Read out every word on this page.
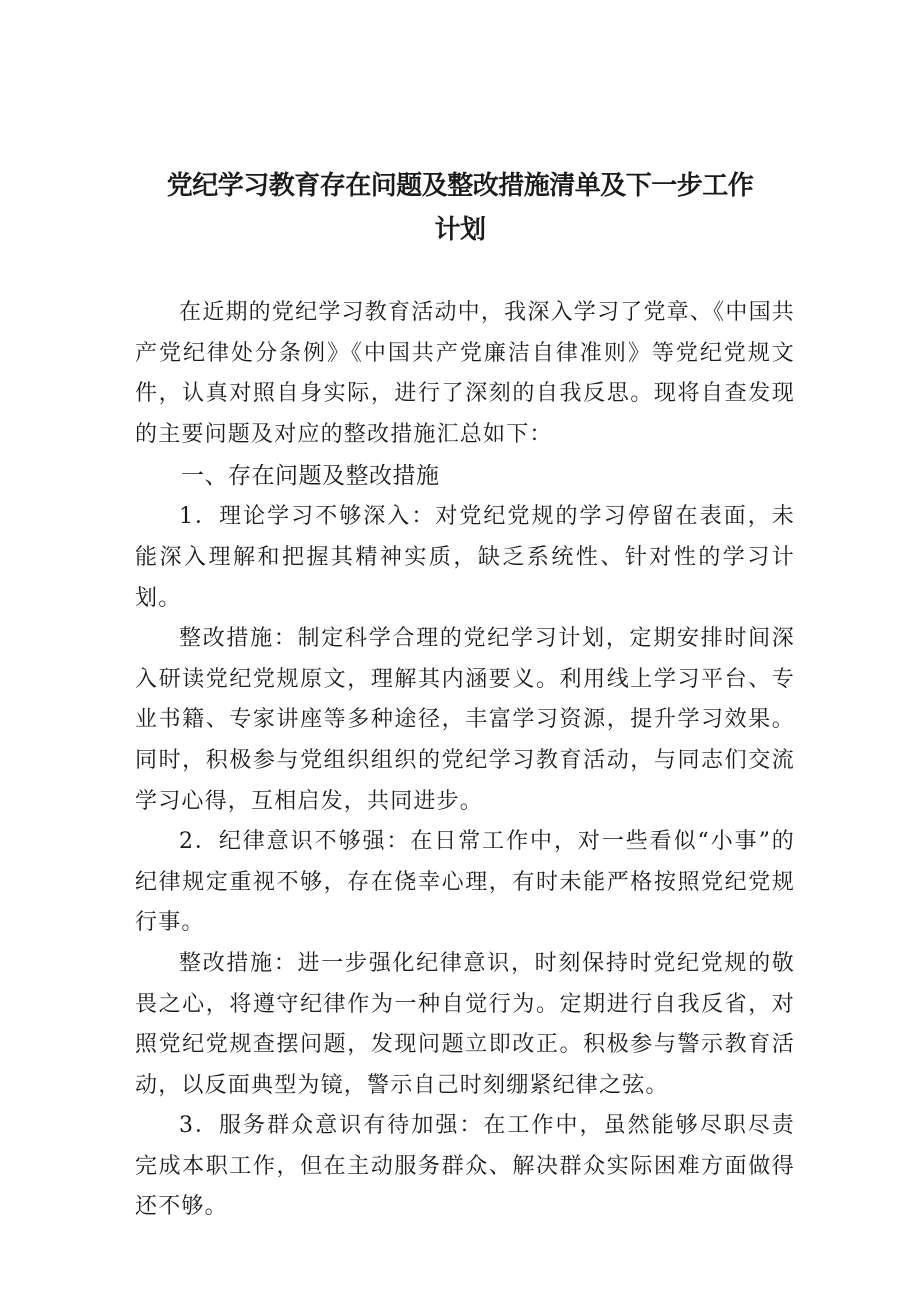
党纪学习教育存在问题及整改措施清单及下一步工作
计划

在近期的党纪学习教育活动中，我深入学习了党章、《中国共产党纪律处分条例》《中国共产党廉洁自律准则》等党纪党规文件，认真对照自身实际，进行了深刻的自我反思。现将自查发现的主要问题及对应的整改措施汇总如下：

一、存在问题及整改措施

1．理论学习不够深入：对党纪党规的学习停留在表面，未能深入理解和把握其精神实质，缺乏系统性、针对性的学习计划。

整改措施：制定科学合理的党纪学习计划，定期安排时间深入研读党纪党规原文，理解其内涵要义。利用线上学习平台、专业书籍、专家讲座等多种途径，丰富学习资源，提升学习效果。同时，积极参与党组织组织的党纪学习教育活动，与同志们交流学习心得，互相启发，共同进步。

2．纪律意识不够强：在日常工作中，对一些看似“小事”的纪律规定重视不够，存在侥幸心理，有时未能严格按照党纪党规行事。

整改措施：进一步强化纪律意识，时刻保持时党纪党规的敬畏之心，将遵守纪律作为一种自觉行为。定期进行自我反省，对照党纪党规查摆问题，发现问题立即改正。积极参与警示教育活动，以反面典型为镜，警示自己时刻绷紧纪律之弦。

3．服务群众意识有待加强：在工作中，虽然能够尽职尽责完成本职工作，但在主动服务群众、解决群众实际困难方面做得还不够。
